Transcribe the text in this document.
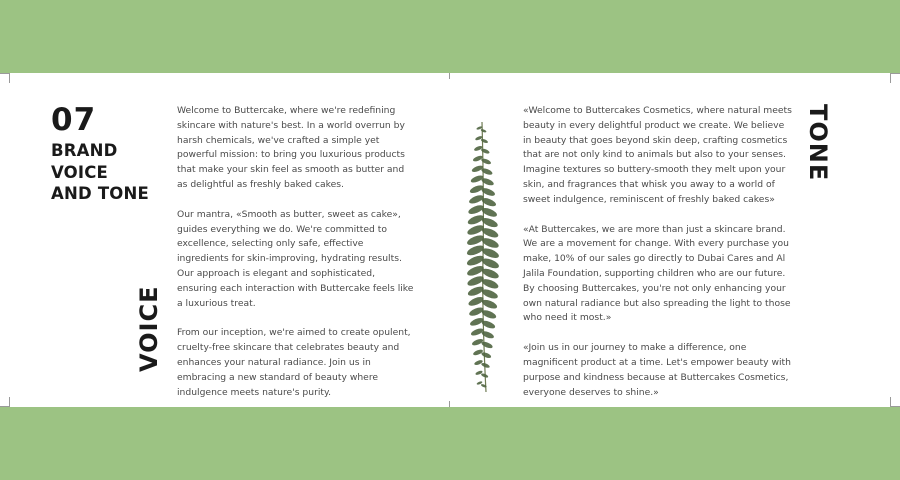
07
BRAND
VOICE
AND TONE
VOICE
TONE

Welcome to Buttercake, where we're redefining skincare with nature's best. In a world overrun by harsh chemicals, we've crafted a simple yet powerful mission: to bring you luxurious products that make your skin feel as smooth as butter and as delightful as freshly baked cakes.

Our mantra, «Smooth as butter, sweet as cake», guides everything we do. We're committed to excellence, selecting only safe, effective ingredients for skin-improving, hydrating results. Our approach is elegant and sophisticated, ensuring each interaction with Buttercake feels like a luxurious treat.

From our inception, we're aimed to create opulent, cruelty-free skincare that celebrates beauty and enhances your natural radiance. Join us in embracing a new standard of beauty where indulgence meets nature's purity.

«Welcome to Buttercakes Cosmetics, where natural meets beauty in every delightful product we create. We believe in beauty that goes beyond skin deep, crafting cosmetics that are not only kind to animals but also to your senses. Imagine textures so buttery-smooth they melt upon your skin, and fragrances that whisk you away to a world of sweet indulgence, reminiscent of freshly baked cakes»

«At Buttercakes, we are more than just a skincare brand. We are a movement for change. With every purchase you make, 10% of our sales go directly to Dubai Cares and Al Jalila Foundation, supporting children who are our future. By choosing Buttercakes, you're not only enhancing your own natural radiance but also spreading the light to those who need it most.»

«Join us in our journey to make a difference, one magnificent product at a time. Let's empower beauty with purpose and kindness because at Buttercakes Cosmetics, everyone deserves to shine.»
